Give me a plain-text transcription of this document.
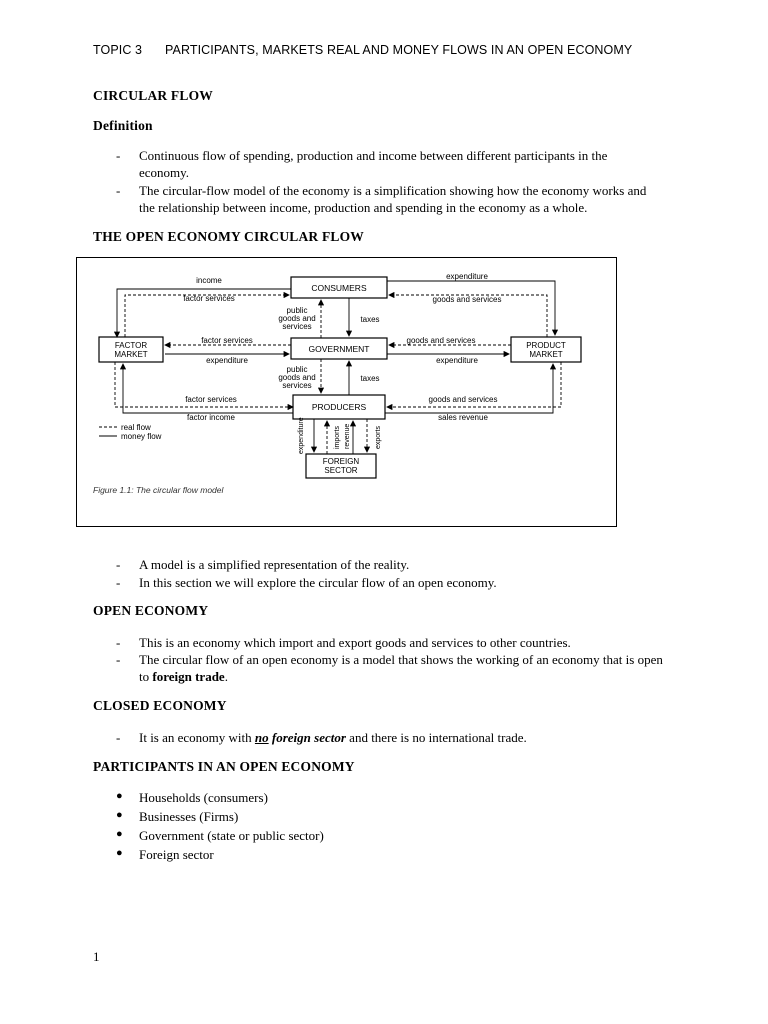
TOPIC 3 PARTICIPANTS, MARKETS REAL AND MONEY FLOWS IN AN OPEN ECONOMY
CIRCULAR FLOW
Definition
- Continuous flow of spending, production and income between different participants in the economy.
- The circular-flow model of the economy is a simplification showing how the economy works and the relationship between income, production and spending in the economy as a whole.
THE OPEN ECONOMY CIRCULAR FLOW
CONSUMERS
GOVERNMENT
PRODUCERS
FACTOR
MARKET
PRODUCT
MARKET
FOREIGN
SECTOR
income
factor services
expenditure
goods and services
public
goods and
services
taxes
factor services
expenditure
goods and services
expenditure
public
goods and
services
taxes
factor services
factor income
goods and services
sales revenue
expenditure	imports revenue	exports
real flow
money flow
Figure 1.1: The circular flow model
- A model is a simplified representation of the reality.
- In this section we will explore the circular flow of an open economy.
OPEN ECONOMY
- This is an economy which import and export goods and services to other countries.
- The circular flow of an open economy is a model that shows the working of an economy that is open to foreign trade.
CLOSED ECONOMY
- It is an economy with no foreign sector and there is no international trade.
PARTICIPANTS IN AN OPEN ECONOMY
● Households (consumers)
● Businesses (Firms)
● Government (state or public sector)
● Foreign sector
1
